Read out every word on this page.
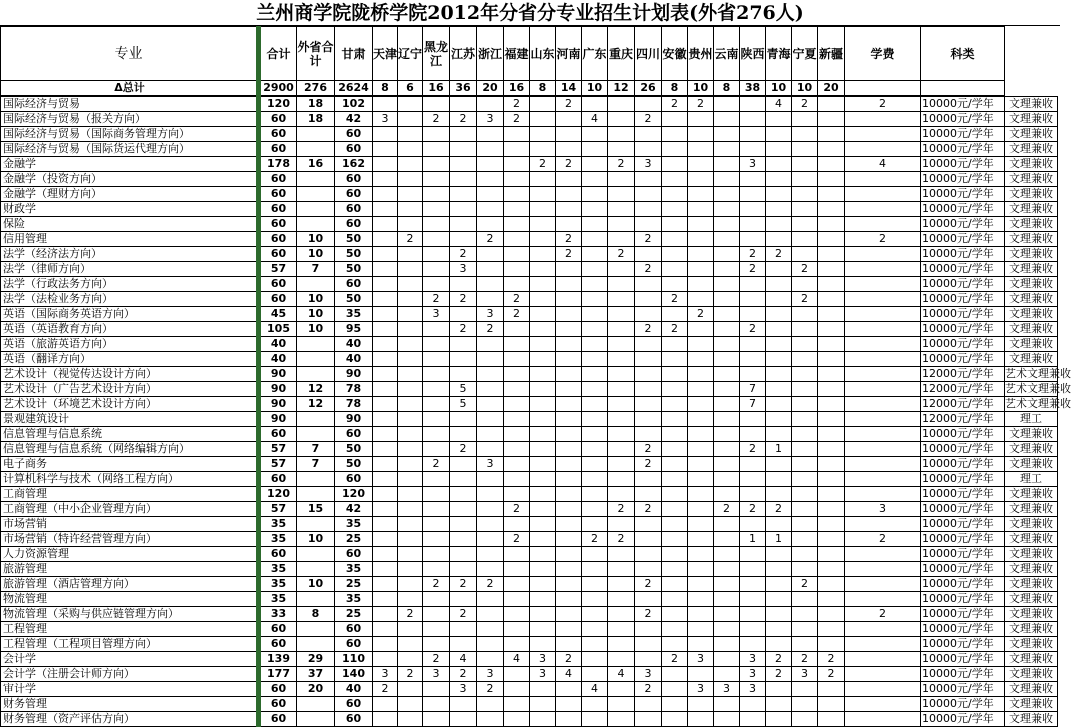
兰州商学院陇桥学院2012年分省分专业招生计划表(外省276人)
专业	合计	外省合计	甘肃	天津	辽宁	黑龙江	江苏	浙江	福建	山东	河南	广东	重庆	四川	安徽	贵州	云南	陕西	青海	宁夏	新疆	学费	科类	
Δ总计	2900	276	2624	8	6	16	36	20	16	8	14	10	12	26	8	10	8	38	10	10	20			
国际经济与贸易	120	18	102						2		2				2	2			4	2		2	10000元/学年	文理兼收
国际经济与贸易（报关方向）	60	18	42	3		2	2	3	2			4		2									10000元/学年	文理兼收
国际经济与贸易（国际商务管理方向）	60		60																				10000元/学年	文理兼收
国际经济与贸易（国际货运代理方向）	60		60																				10000元/学年	文理兼收
金融学	178	16	162							2	2		2	3				3				4	10000元/学年	文理兼收
金融学（投资方向）	60		60																				10000元/学年	文理兼收
金融学（理财方向）	60		60																				10000元/学年	文理兼收
财政学	60		60																				10000元/学年	文理兼收
保险	60		60																				10000元/学年	文理兼收
信用管理	60	10	50		2			2			2			2								2	10000元/学年	文理兼收
法学（经济法方向）	60	10	50				2				2		2					2	2				10000元/学年	文理兼收
法学（律师方向）	57	7	50				3							2				2		2			10000元/学年	文理兼收
法学（行政法务方向）	60		60																				10000元/学年	文理兼收
法学（法检业务方向）	60	10	50			2	2		2						2					2			10000元/学年	文理兼收
英语（国际商务英语方向）	45	10	35			3		3	2							2							10000元/学年	文理兼收
英语（英语教育方向）	105	10	95				2	2						2	2			2					10000元/学年	文理兼收
英语（旅游英语方向）	40		40																				10000元/学年	文理兼收
英语（翻译方向）	40		40																				10000元/学年	文理兼收
艺术设计（视觉传达设计方向）	90		90																				12000元/学年	艺术文理兼收
艺术设计（广告艺术设计方向）	90	12	78				5											7					12000元/学年	艺术文理兼收
艺术设计（环境艺术设计方向）	90	12	78				5											7					12000元/学年	艺术文理兼收
景观建筑设计	90		90																				12000元/学年	理工
信息管理与信息系统	60		60																				10000元/学年	文理兼收
信息管理与信息系统（网络编辑方向）	57	7	50				2							2				2	1				10000元/学年	文理兼收
电子商务	57	7	50			2		3						2									10000元/学年	文理兼收
计算机科学与技术（网络工程方向）	60		60																				10000元/学年	理工
工商管理	120		120																				10000元/学年	文理兼收
工商管理（中小企业管理方向）	57	15	42						2				2	2			2	2	2			3	10000元/学年	文理兼收
市场营销	35		35																				10000元/学年	文理兼收
市场营销（特许经营管理方向）	35	10	25						2			2	2					1	1			2	10000元/学年	文理兼收
人力资源管理	60		60																				10000元/学年	文理兼收
旅游管理	35		35																				10000元/学年	文理兼收
旅游管理（酒店管理方向）	35	10	25			2	2	2						2						2			10000元/学年	文理兼收
物流管理	35		35																				10000元/学年	文理兼收
物流管理（采购与供应链管理方向）	33	8	25		2		2							2								2	10000元/学年	文理兼收
工程管理	60		60																				10000元/学年	文理兼收
工程管理（工程项目管理方向）	60		60																				10000元/学年	文理兼收
会计学	139	29	110			2	4		4	3	2				2	3		3	2	2	2		10000元/学年	文理兼收
会计学（注册会计师方向）	177	37	140	3	2	3	2	3		3	4		4	3				3	2	3	2		10000元/学年	文理兼收
审计学	60	20	40	2			3	2				4		2		3	3	3					10000元/学年	文理兼收
财务管理	60		60																				10000元/学年	文理兼收
财务管理（资产评估方向）	60		60																				10000元/学年	文理兼收
